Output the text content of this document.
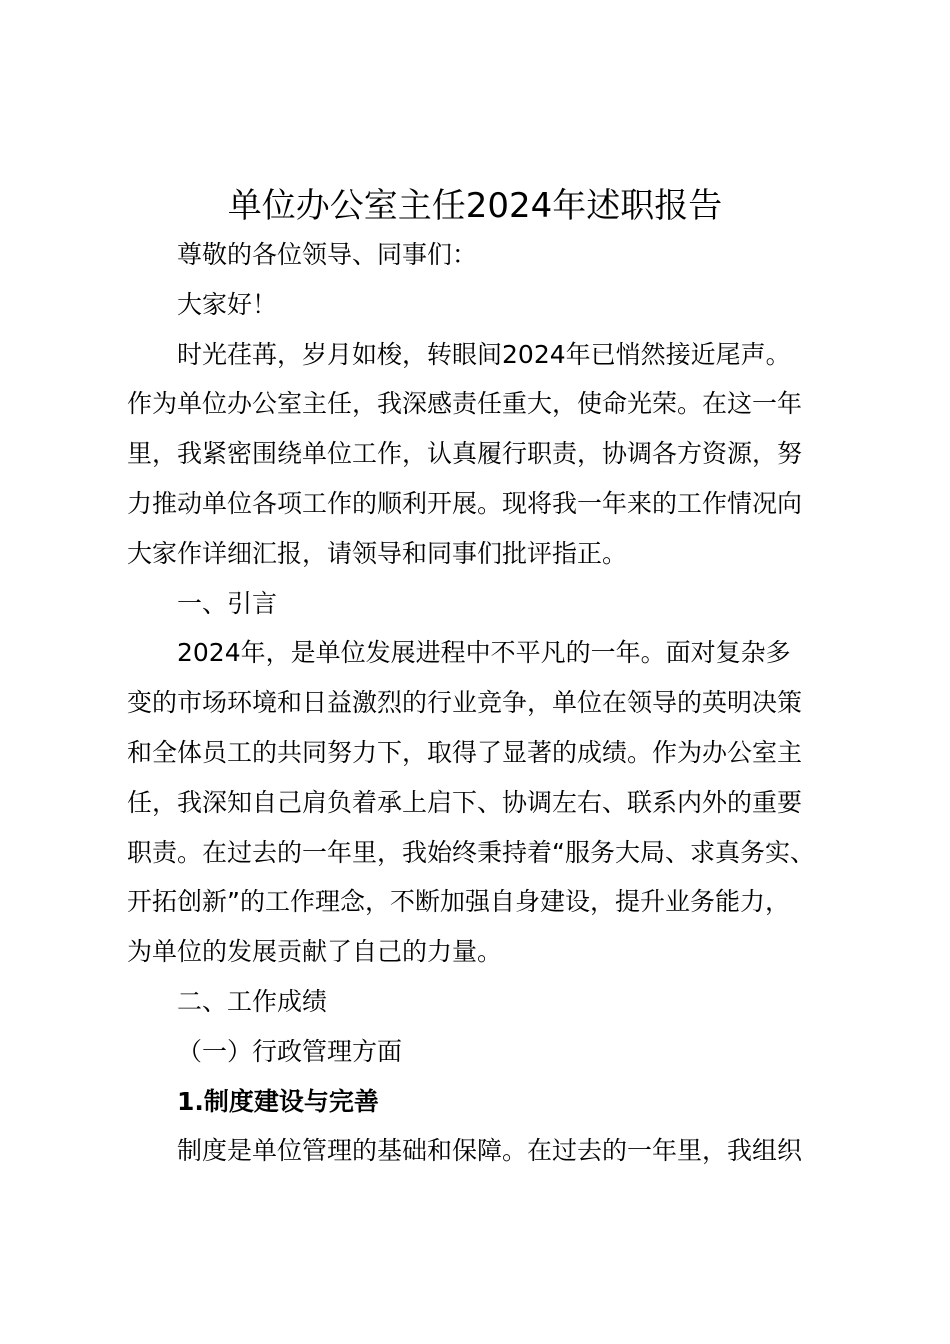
单位办公室主任2024年述职报告

尊敬的各位领导、同事们：

大家好！

时光荏苒，岁月如梭，转眼间2024年已悄然接近尾声。
作为单位办公室主任，我深感责任重大，使命光荣。在这一年
里，我紧密围绕单位工作，认真履行职责，协调各方资源，努
力推动单位各项工作的顺利开展。现将我一年来的工作情况向
大家作详细汇报，请领导和同事们批评指正。

一、引言

2024年，是单位发展进程中不平凡的一年。面对复杂多
变的市场环境和日益激烈的行业竞争，单位在领导的英明决策
和全体员工的共同努力下，取得了显著的成绩。作为办公室主
任，我深知自己肩负着承上启下、协调左右、联系内外的重要
职责。在过去的一年里，我始终秉持着“服务大局、求真务实、
开拓创新”的工作理念，不断加强自身建设，提升业务能力，
为单位的发展贡献了自己的力量。

二、工作成绩

（一）行政管理方面

1.制度建设与完善

制度是单位管理的基础和保障。在过去的一年里，我组织
